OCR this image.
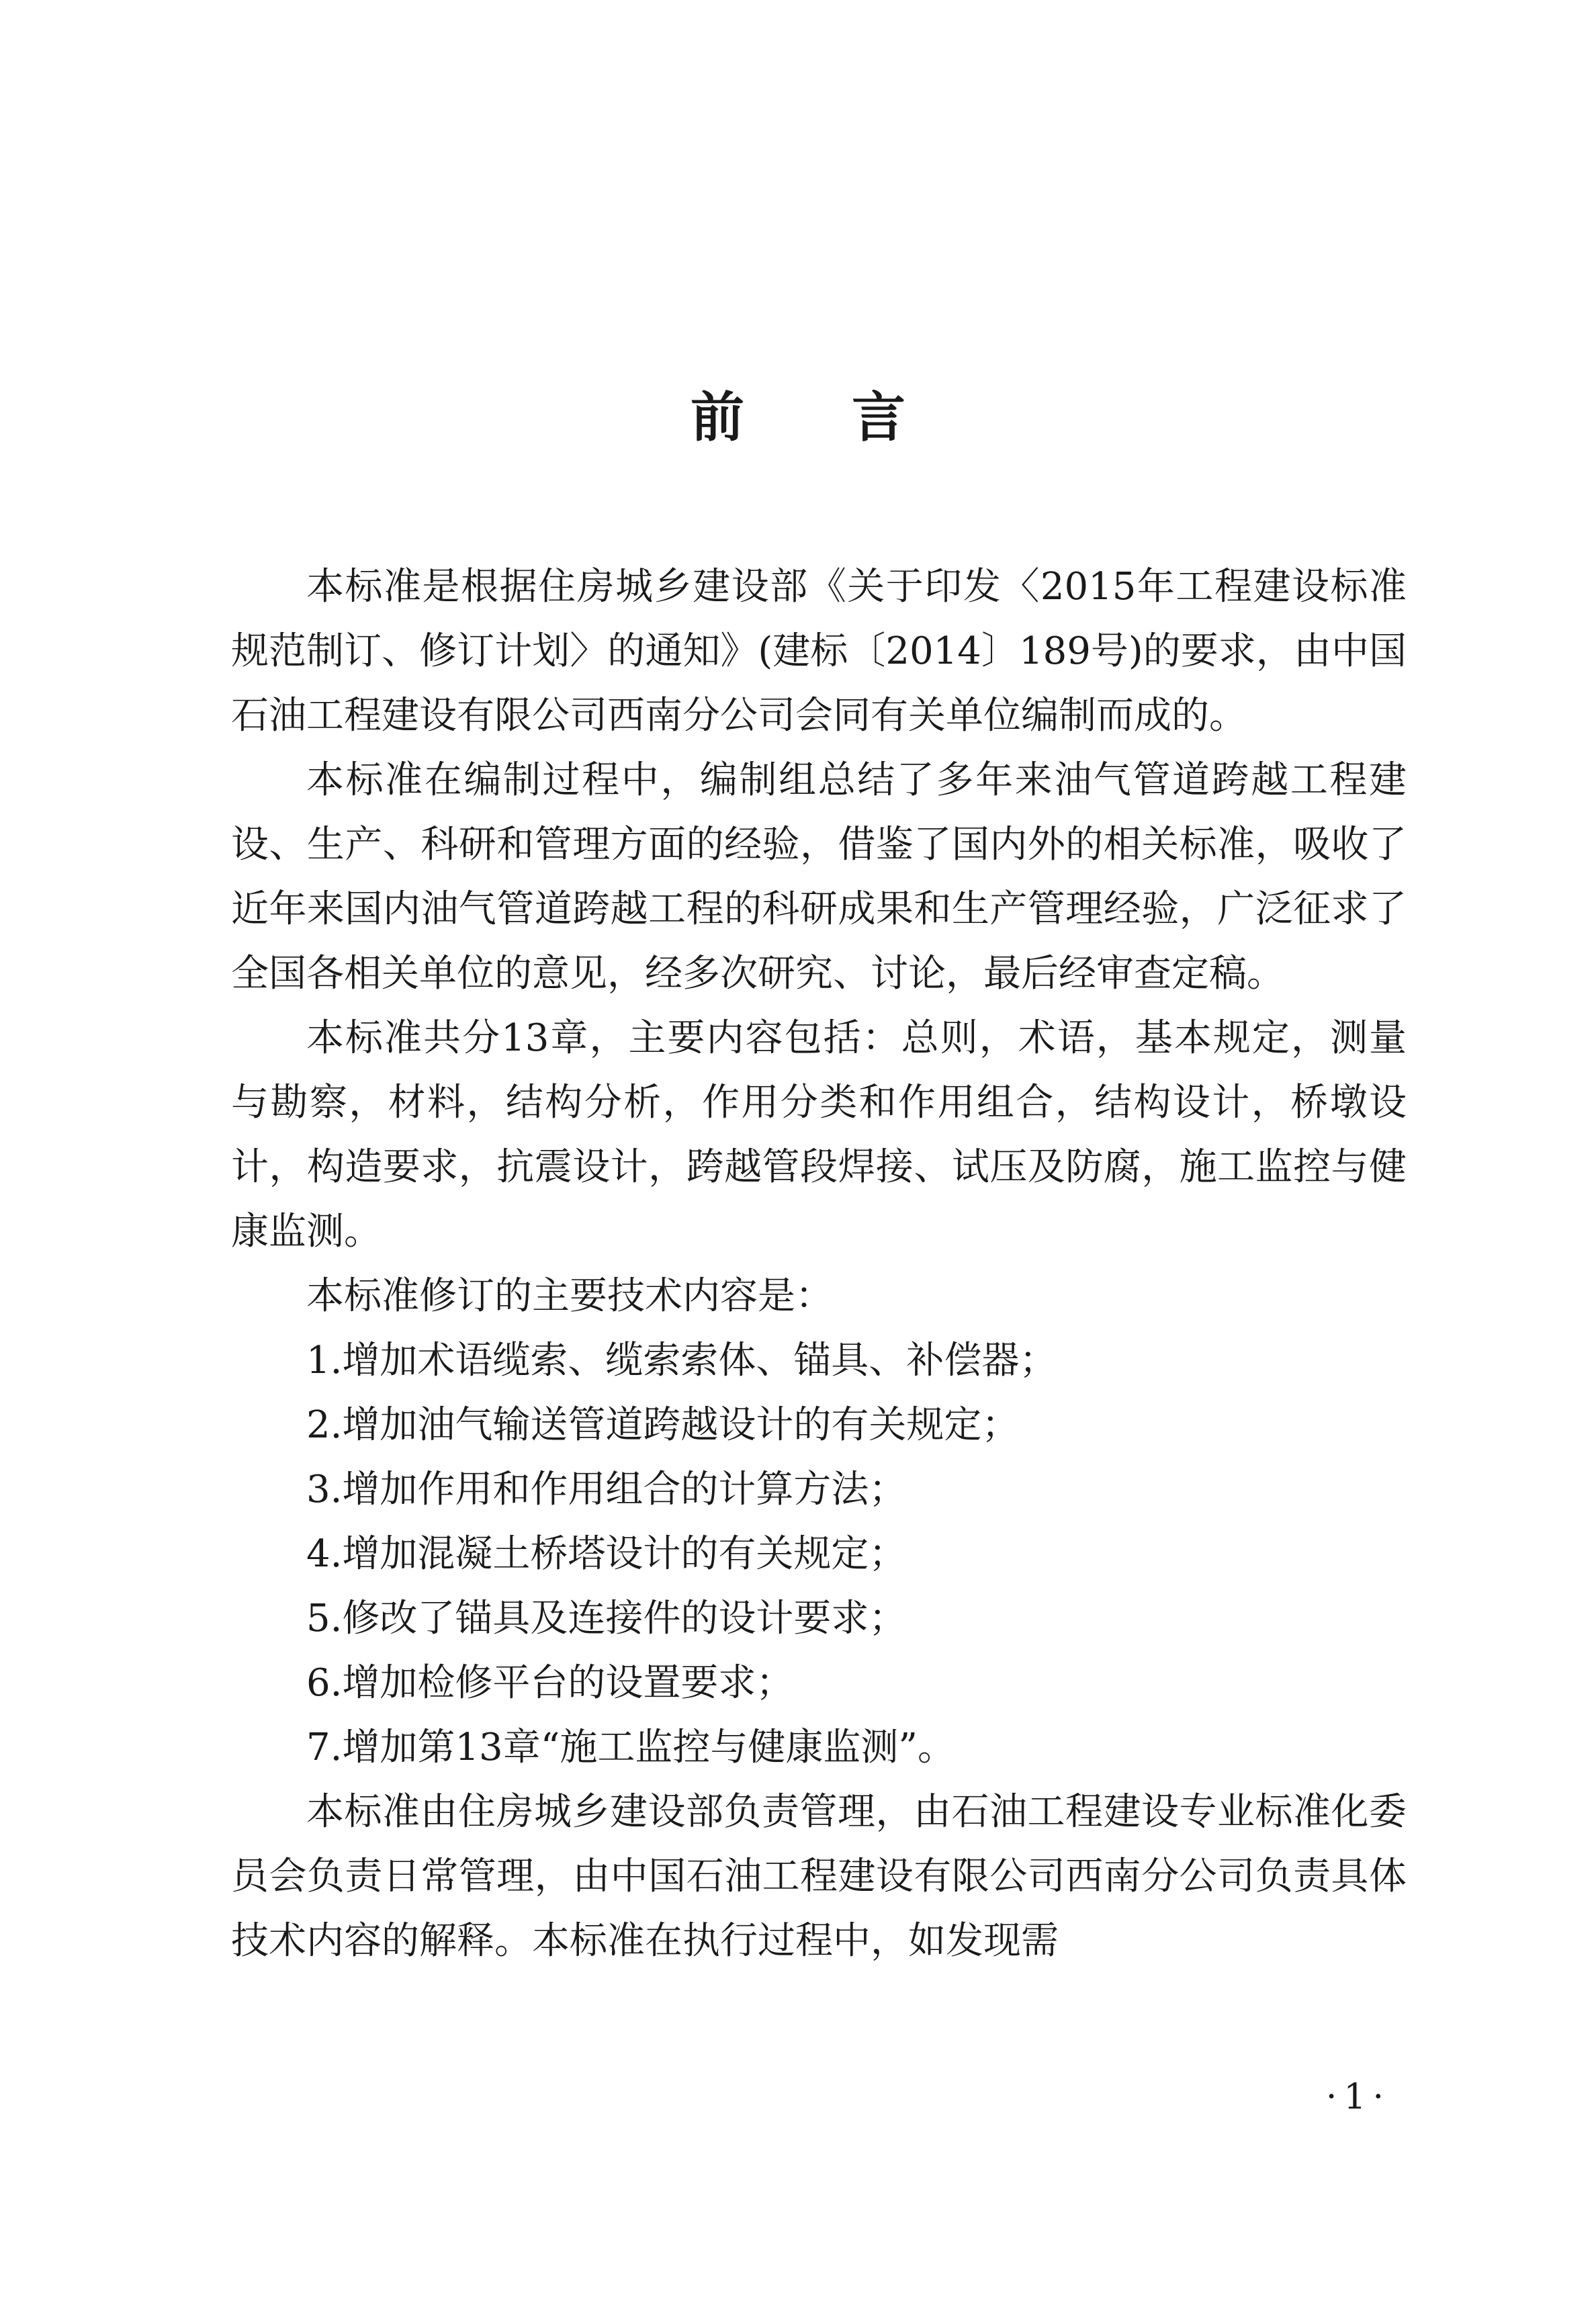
前言

本标准是根据住房城乡建设部《关于印发〈2015年工程建设标准规范制订、修订计划〉的通知》(建标〔2014〕189号)的要求，由中国石油工程建设有限公司西南分公司会同有关单位编制而成的。

本标准在编制过程中，编制组总结了多年来油气管道跨越工程建设、生产、科研和管理方面的经验，借鉴了国内外的相关标准，吸收了近年来国内油气管道跨越工程的科研成果和生产管理经验，广泛征求了全国各相关单位的意见，经多次研究、讨论，最后经审查定稿。

本标准共分13章，主要内容包括：总则，术语，基本规定，测量与勘察，材料，结构分析，作用分类和作用组合，结构设计，桥墩设计，构造要求，抗震设计，跨越管段焊接、试压及防腐，施工监控与健康监测。

本标准修订的主要技术内容是：

1.增加术语缆索、缆索索体、锚具、补偿器；

2.增加油气输送管道跨越设计的有关规定；

3.增加作用和作用组合的计算方法；

4.增加混凝土桥塔设计的有关规定；

5.修改了锚具及连接件的设计要求；

6.增加检修平台的设置要求；

7.增加第13章“施工监控与健康监测”。

本标准由住房城乡建设部负责管理，由石油工程建设专业标准化委员会负责日常管理，由中国石油工程建设有限公司西南分公司负责具体技术内容的解释。本标准在执行过程中，如发现需

·1·
